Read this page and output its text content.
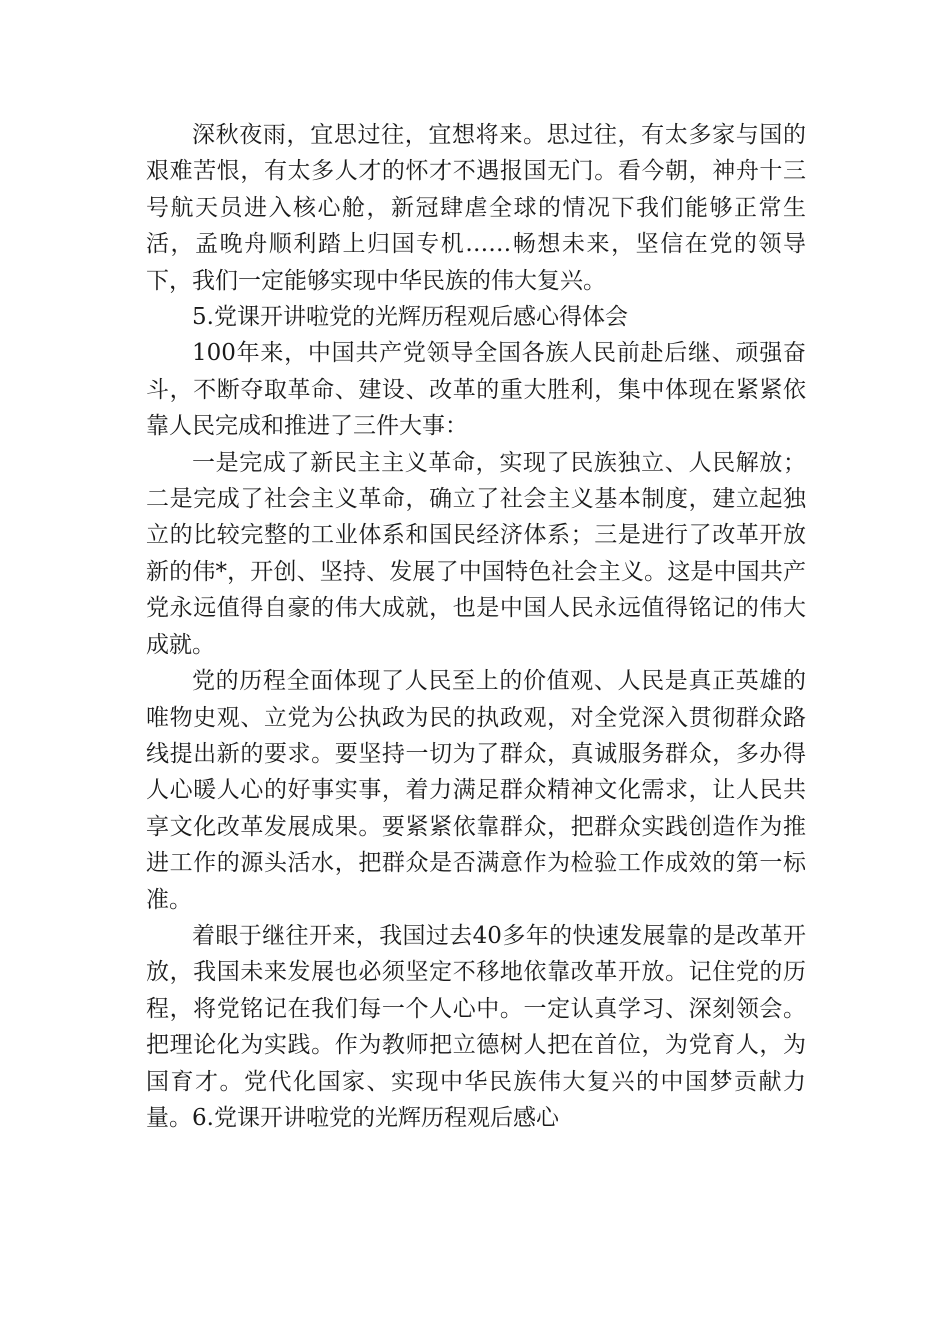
深秋夜雨，宜思过往，宜想将来。思过往，有太多家与国的艰难苦恨，有太多人才的怀才不遇报国无门。看今朝，神舟十三号航天员进入核心舱，新冠肆虐全球的情况下我们能够正常生活，孟晚舟顺利踏上归国专机……畅想未来，坚信在党的领导下，我们一定能够实现中华民族的伟大复兴。

5.党课开讲啦党的光辉历程观后感心得体会

100年来，中国共产党领导全国各族人民前赴后继、顽强奋斗，不断夺取革命、建设、改革的重大胜利，集中体现在紧紧依靠人民完成和推进了三件大事：

一是完成了新民主主义革命，实现了民族独立、人民解放；二是完成了社会主义革命，确立了社会主义基本制度，建立起独立的比较完整的工业体系和国民经济体系；三是进行了改革开放新的伟*，开创、坚持、发展了中国特色社会主义。这是中国共产党永远值得自豪的伟大成就，也是中国人民永远值得铭记的伟大成就。

党的历程全面体现了人民至上的价值观、人民是真正英雄的唯物史观、立党为公执政为民的执政观，对全党深入贯彻群众路线提出新的要求。要坚持一切为了群众，真诚服务群众，多办得人心暖人心的好事实事，着力满足群众精神文化需求，让人民共享文化改革发展成果。要紧紧依靠群众，把群众实践创造作为推进工作的源头活水，把群众是否满意作为检验工作成效的第一标准。

着眼于继往开来，我国过去40多年的快速发展靠的是改革开放，我国未来发展也必须坚定不移地依靠改革开放。记住党的历程，将党铭记在我们每一个人心中。一定认真学习、深刻领会。把理论化为实践。作为教师把立德树人把在首位，为党育人，为国育才。党代化国家、实现中华民族伟大复兴的中国梦贡献力量。6.党课开讲啦党的光辉历程观后感心
